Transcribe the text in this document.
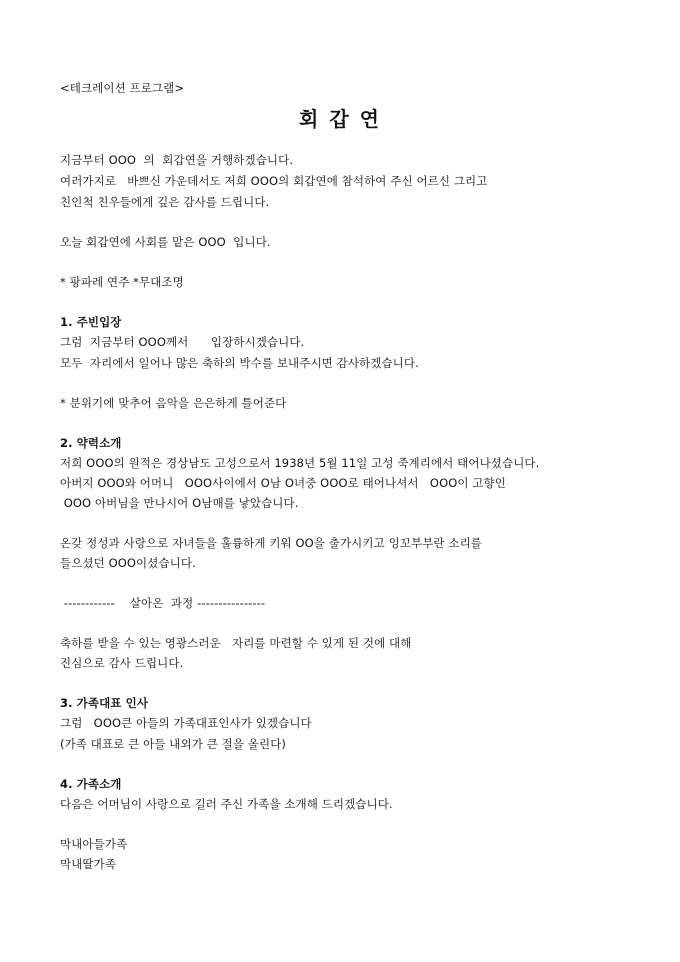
<테크레이션 프로그램>
회 갑 연
지금부터 OOO  의  회갑연을 거행하겠습니다.
여러가지로   바쁘신 가운데서도 저희 OOO의 회갑연에 참석하여 주신 어르신 그리고
친인척 친우들에게 깊은 감사를 드립니다.
오늘 회갑연에 사회를 맡은 OOO  입니다.
* 팡파레 연주 *무대조명
1. 주빈입장
그럼  지금부터 OOO께서      입장하시겠습니다.
모두  자리에서 일어나 많은 축하의 박수를 보내주시면 감사하겠습니다.
* 분위기에 맞추어 음악을 은은하게 틀어준다
2. 약력소개
저희 OOO의 원적은 경상남도 고성으로서 1938년 5월 11일 고성 죽계리에서 태어나셨습니다.
아버지 OOO와 어머니   OOO사이에서 O남 O녀중 OOO로 태어나셔서   OOO이 고향인
OOO 아버님을 만나시어 O남매를 낳았습니다.
온갖 정성과 사랑으로 자녀들을 훌륭하게 키워 OO을 출가시키고 잉꼬부부란 소리를
들으셨던 OOO이셨습니다.
------------    살아온  과정 ----------------
축하를 받을 수 있는 영광스러운   자리를 마련할 수 있게 된 것에 대해
진심으로 감사 드립니다.
3. 가족대표 인사
그럼   OOO큰 아들의 가족대표인사가 있겠습니다
(가족 대표로 큰 아들 내외가 큰 절을 올린다)
4. 가족소개
다음은 어머님이 사랑으로 길러 주신 가족을 소개해 드리겠습니다.
막내아들가족
막내딸가족
